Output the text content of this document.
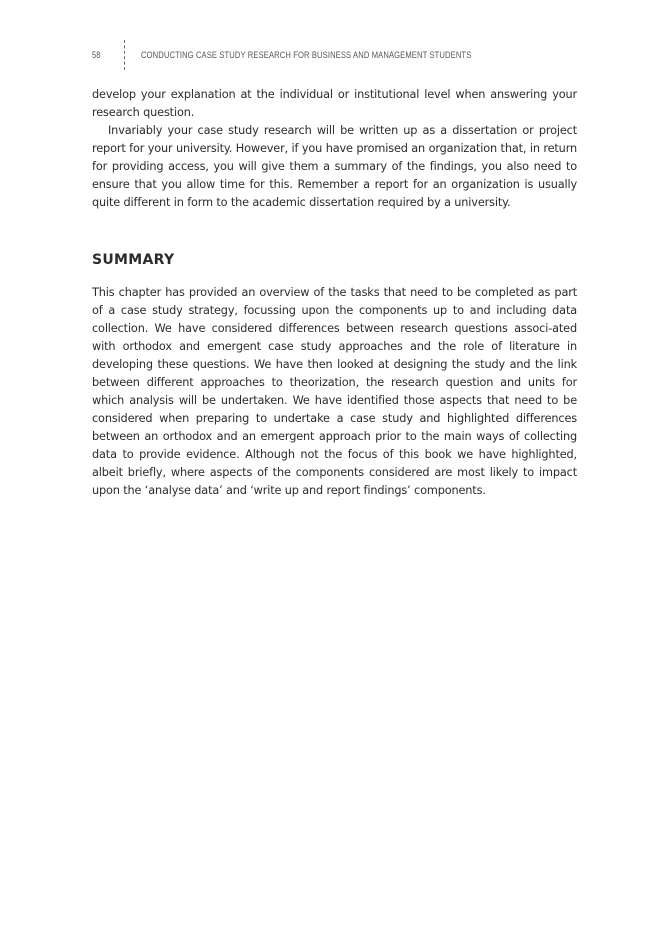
58	CONDUCTING CASE STUDY RESEARCH FOR BUSINESS AND MANAGEMENT STUDENTS

develop your explanation at the individual or institutional level when answering your research question.

Invariably your case study research will be written up as a dissertation or project report for your university. However, if you have promised an organization that, in return for providing access, you will give them a summary of the findings, you also need to ensure that you allow time for this. Remember a report for an organization is usually quite different in form to the academic dissertation required by a university.

SUMMARY

This chapter has provided an overview of the tasks that need to be completed as part of a case study strategy, focussing upon the components up to and including data collection. We have considered differences between research questions associ-ated with orthodox and emergent case study approaches and the role of literature in developing these questions. We have then looked at designing the study and the link between different approaches to theorization, the research question and units for which analysis will be undertaken. We have identified those aspects that need to be considered when preparing to undertake a case study and highlighted differences between an orthodox and an emergent approach prior to the main ways of collecting data to provide evidence. Although not the focus of this book we have highlighted, albeit briefly, where aspects of the components considered are most likely to impact upon the ‘analyse data’ and ‘write up and report findings’ components.
